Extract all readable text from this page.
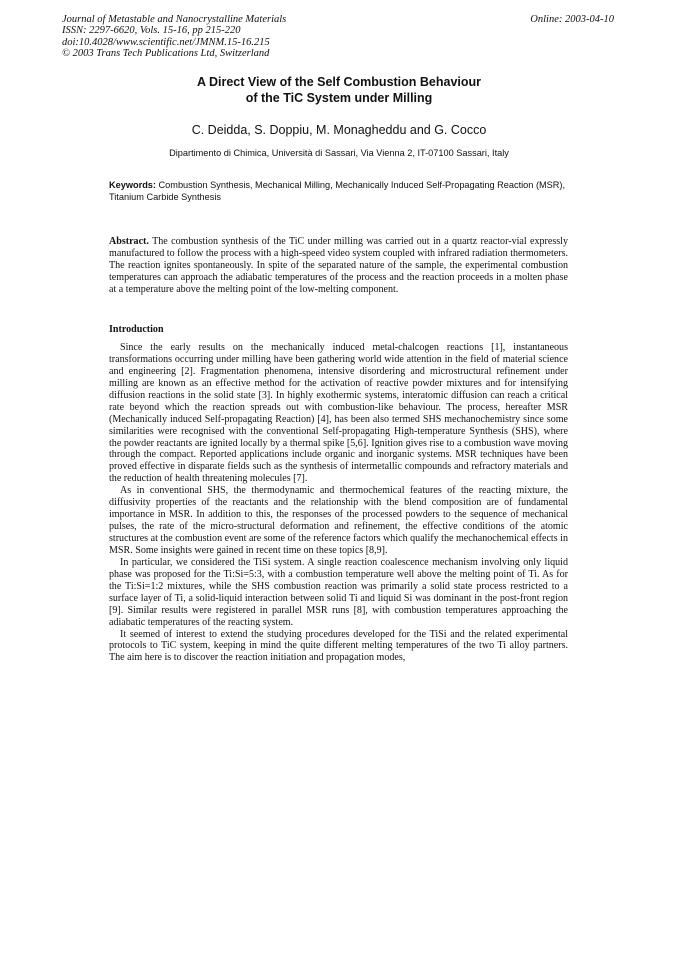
Journal of Metastable and Nanocrystalline Materials
ISSN: 2297-6620, Vols. 15-16, pp 215-220
doi:10.4028/www.scientific.net/JMNM.15-16.215
© 2003 Trans Tech Publications Ltd, Switzerland
Online: 2003-04-10
A Direct View of the Self Combustion Behaviour
of the TiC System under Milling
C. Deidda, S. Doppiu, M. Monagheddu and G. Cocco
Dipartimento di Chimica, Università di Sassari, Via Vienna 2, IT-07100 Sassari, Italy
Keywords: Combustion Synthesis, Mechanical Milling, Mechanically Induced Self-Propagating Reaction (MSR), Titanium Carbide Synthesis
Abstract. The combustion synthesis of the TiC under milling was carried out in a quartz reactor-vial expressly manufactured to follow the process with a high-speed video system coupled with infrared radiation thermometers. The reaction ignites spontaneously. In spite of the separated nature of the sample, the experimental combustion temperatures can approach the adiabatic temperatures of the process and the reaction proceeds in a molten phase at a temperature above the melting point of the low-melting component.
Introduction

Since the early results on the mechanically induced metal-chalcogen reactions [1], instantaneous transformations occurring under milling have been gathering world wide attention in the field of material science and engineering [2]. Fragmentation phenomena, intensive disordering and microstructural refinement under milling are known as an effective method for the activation of reactive powder mixtures and for intensifying diffusion reactions in the solid state [3]. In highly exothermic systems, interatomic diffusion can reach a critical rate beyond which the reaction spreads out with combustion-like behaviour. The process, hereafter MSR (Mechanically induced Self-propagating Reaction) [4], has been also termed SHS mechanochemistry since some similarities were recognised with the conventional Self-propagating High-temperature Synthesis (SHS), where the powder reactants are ignited locally by a thermal spike [5,6]. Ignition gives rise to a combustion wave moving through the compact. Reported applications include organic and inorganic systems. MSR techniques have been proved effective in disparate fields such as the synthesis of intermetallic compounds and refractory materials and the reduction of health threatening molecules [7].

As in conventional SHS, the thermodynamic and thermochemical features of the reacting mixture, the diffusivity properties of the reactants and the relationship with the blend composition are of fundamental importance in MSR. In addition to this, the responses of the processed powders to the sequence of mechanical pulses, the rate of the micro-structural deformation and refinement, the effective conditions of the atomic structures at the combustion event are some of the reference factors which qualify the mechanochemical effects in MSR. Some insights were gained in recent time on these topics [8,9].

In particular, we considered the TiSi system. A single reaction coalescence mechanism involving only liquid phase was proposed for the Ti:Si=5:3, with a combustion temperature well above the melting point of Ti. As for the Ti:Si=1:2 mixtures, while the SHS combustion reaction was primarily a solid state process restricted to a surface layer of Ti, a solid-liquid interaction between solid Ti and liquid Si was dominant in the post-front region [9]. Similar results were registered in parallel MSR runs [8], with combustion temperatures approaching the adiabatic temperatures of the reacting system.

It seemed of interest to extend the studying procedures developed for the TiSi and the related experimental protocols to TiC system, keeping in mind the quite different melting temperatures of the two Ti alloy partners. The aim here is to discover the reaction initiation and propagation modes,
